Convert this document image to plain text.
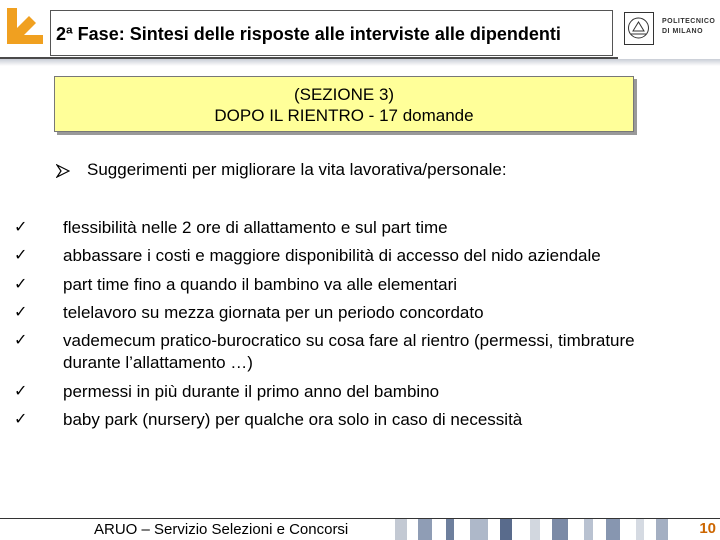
2ª Fase: Sintesi delle risposte alle interviste alle dipendenti
POLITECNICO
DI MILANO
(SEZIONE 3)
DOPO IL RIENTRO - 17 domande
Suggerimenti per migliorare la vita lavorativa/personale:
✓ flessibilità nelle 2 ore di allattamento e sul part time
✓ abbassare i costi e maggiore disponibilità di accesso del nido aziendale
✓ part time fino a quando il bambino va alle elementari
✓ telelavoro su mezza giornata per un periodo concordato
✓ vademecum pratico-burocratico su cosa fare al rientro (permessi, timbrature durante l’allattamento …)
✓ permessi in più durante il primo anno del bambino
✓ baby park (nursery) per qualche ora solo in caso di necessità
ARUO – Servizio Selezioni e Concorsi	10
